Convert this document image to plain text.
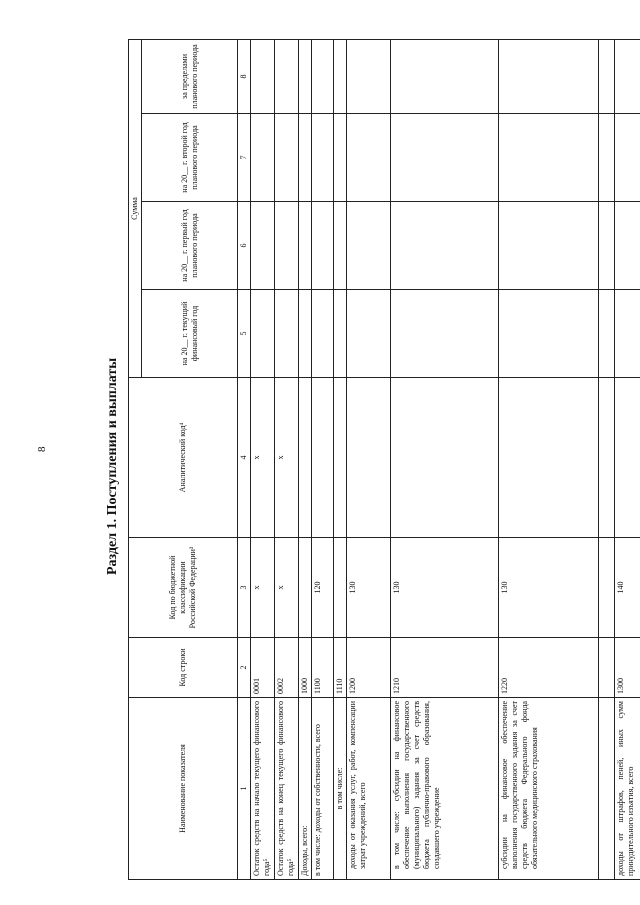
8	Раздел 1. Поступления и выплаты
Наименование показателя	Код строки	Код по бюджетной классификации Российской Федерации³	Аналитический код⁴	Сумма			
				на 20__ г. текущий финансовый год	на 20__ г. первый год планового периода	на 20__ г. второй год планового периода	за пределами планового периода
1	2	3	4	5	6	7	8
Остаток средств на начало текущего финансового года⁵	0001	x	x				
Остаток средств на конец текущего финансового года⁵	0002	x	x				
Доходы, всего:	1000						
в том числе: доходы от собственности, всего	1100	120					
в том числе:	1110						
доходы от оказания услуг, работ, компенсации затрат учреждений, всего	1200	130					
в том числе: субсидии на финансовое обеспечение выполнения государственного (муниципального) задания за счет средств бюджета публично-правового образования, создавшего учреждение	1210	130					
субсидии на финансовое обеспечение выполнения государственного задания за счет средств бюджета Федерального фонда обязательного медицинского страхования	1220	130					

доходы от штрафов, пеней, иных сумм принудительного изъятия, всего	1300	140					
